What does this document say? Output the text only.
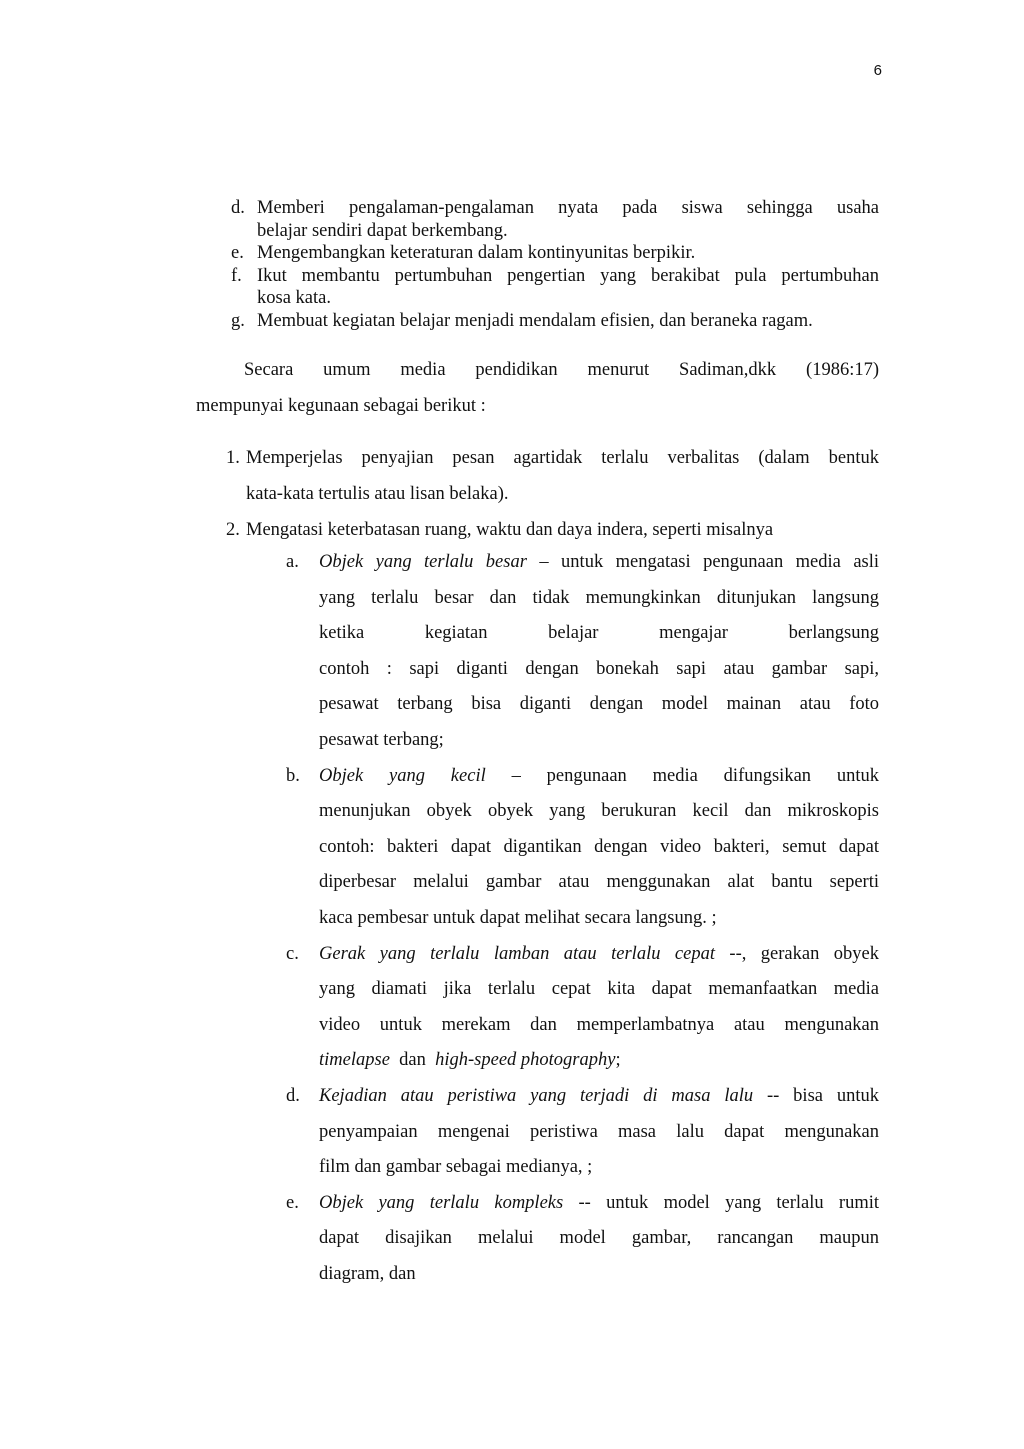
6
d. Memberi pengalaman-pengalaman nyata pada siswa sehingga usaha
belajar sendiri dapat berkembang.
e. Mengembangkan keteraturan dalam kontinyunitas berpikir.
f. Ikut membantu pertumbuhan pengertian yang berakibat pula pertumbuhan
kosa kata.
g. Membuat kegiatan belajar menjadi mendalam efisien, dan beraneka ragam.
Secara umum media pendidikan menurut Sadiman,dkk (1986:17)
mempunyai kegunaan sebagai berikut :
1. Memperjelas penyajian pesan agartidak terlalu verbalitas (dalam bentuk
kata-kata tertulis atau lisan belaka).
2. Mengatasi keterbatasan ruang, waktu dan daya indera, seperti misalnya
a. Objek yang terlalu besar – untuk mengatasi pengunaan media asli
yang terlalu besar dan tidak memungkinkan ditunjukan langsung
ketika kegiatan belajar mengajar berlangsung
contoh : sapi diganti dengan bonekah sapi atau gambar sapi,
pesawat terbang bisa diganti dengan model mainan atau foto
pesawat terbang;
b. Objek yang kecil – pengunaan media difungsikan untuk
menunjukan obyek obyek yang berukuran kecil dan mikroskopis
contoh: bakteri dapat digantikan dengan video bakteri, semut dapat
diperbesar melalui gambar atau menggunakan alat bantu seperti
kaca pembesar untuk dapat melihat secara langsung. ;
c. Gerak yang terlalu lamban atau terlalu cepat --, gerakan obyek
yang diamati jika terlalu cepat kita dapat memanfaatkan media
video untuk merekam dan memperlambatnya atau mengunakan
timelapse  dan  high-speed photography;
d. Kejadian atau peristiwa yang terjadi di masa lalu -- bisa untuk
penyampaian mengenai peristiwa masa lalu dapat mengunakan
film dan gambar sebagai medianya, ;
e. Objek yang terlalu kompleks -- untuk model yang terlalu rumit
dapat disajikan melalui model gambar, rancangan maupun
diagram, dan
